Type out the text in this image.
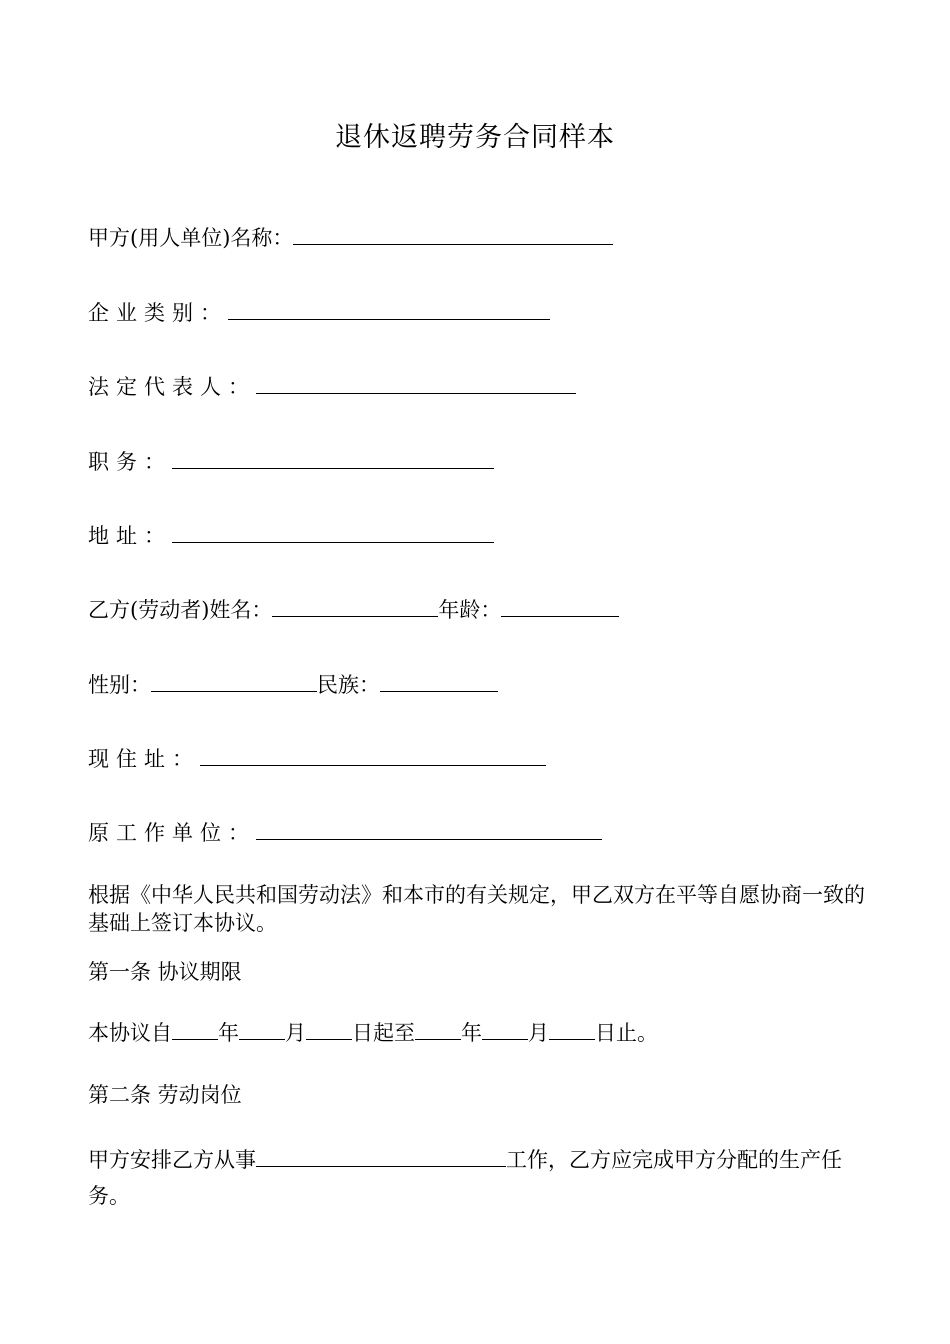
退休返聘劳务合同样本
甲方(用人单位)名称：
企业类别：
法定代表人：
职务：
地址：
乙方(劳动者)姓名：	年龄：
性别：	民族：
现住址：
原工作单位：
根据《中华人民共和国劳动法》和本市的有关规定，甲乙双方在平等自愿协商一致的基础上签订本协议。
第一条 协议期限
本协议自 年 月 日起至 年 月 日止。
第二条 劳动岗位
甲方安排乙方从事	工作，乙方应完成甲方分配的生产任务。
